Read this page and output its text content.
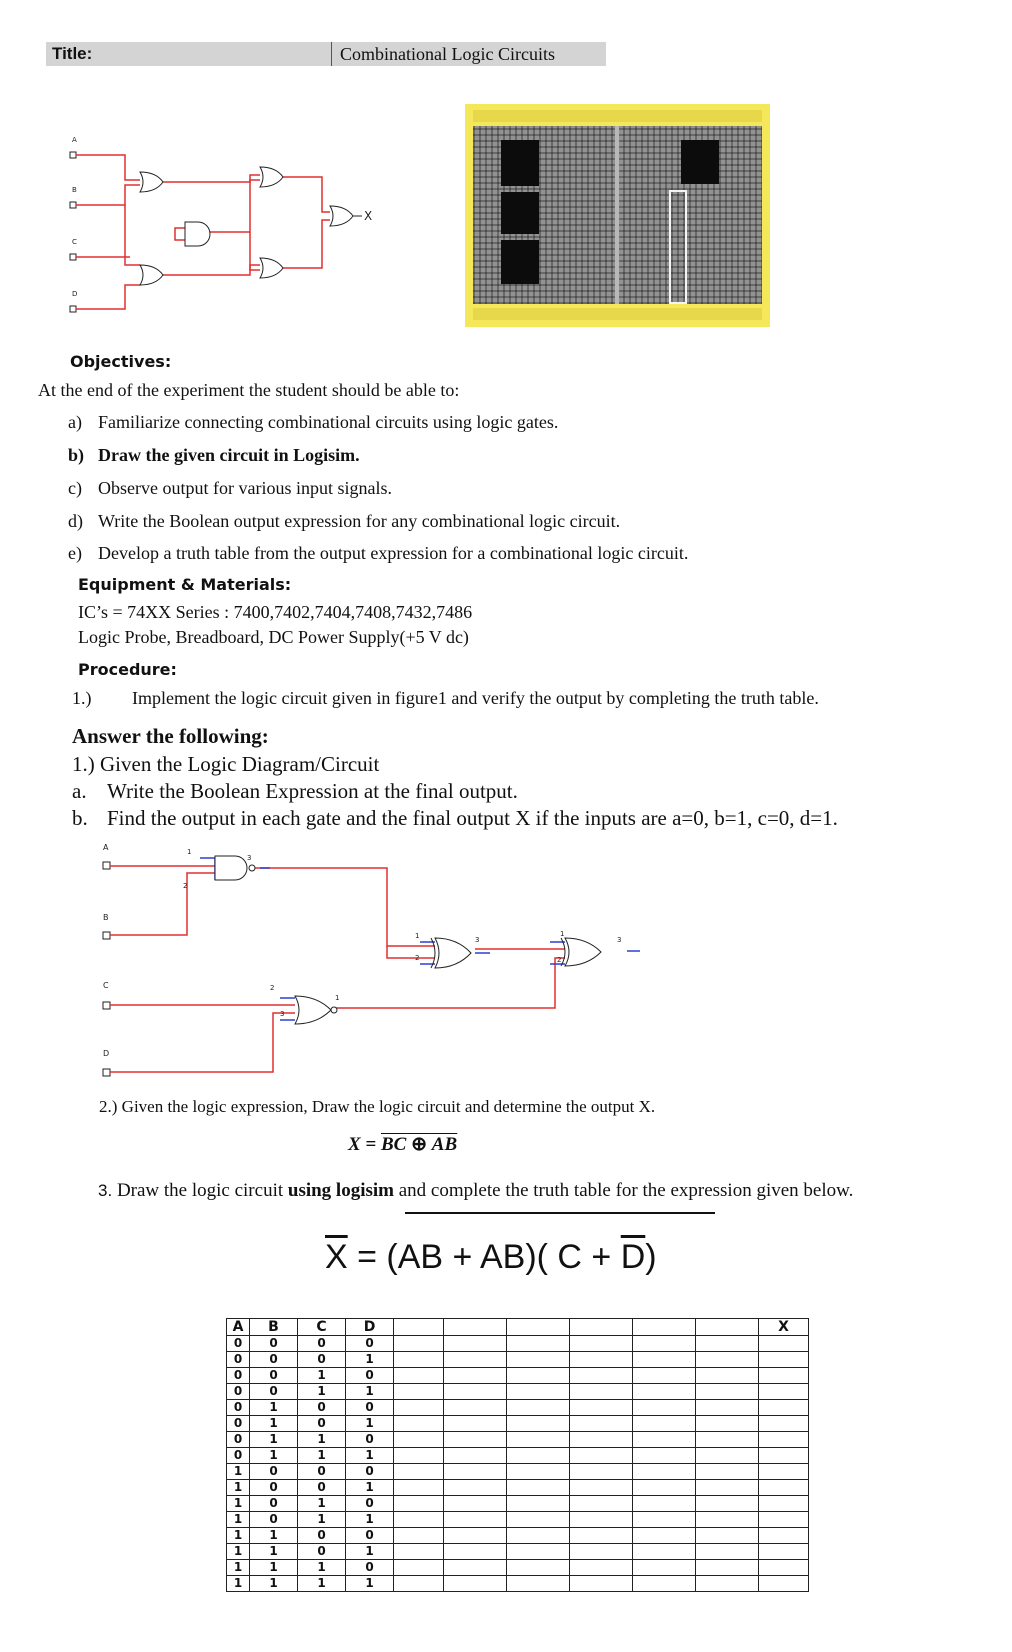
Title:	Combinational Logic Circuits
A
B
C
D
X
Objectives:
At the end of the experiment the student should be able to:
a) Familiarize connecting combinational circuits using logic gates.
b) Draw the given circuit in Logisim.
c) Observe output for various input signals.
d) Write the Boolean output expression for any combinational logic circuit.
e) Develop a truth table from the output expression for a combinational logic circuit.
Equipment & Materials:
IC’s = 74XX Series : 7400,7402,7404,7408,7432,7486
Logic Probe, Breadboard, DC Power Supply(+5 V dc)
Procedure:
1.) Implement the logic circuit given in figure1 and verify the output by completing the truth table.
Answer the following:
1.) Given the Logic Diagram/Circuit
a. Write the Boolean Expression at the final output.
b. Find the output in each gate and the final output X if the inputs are a=0, b=1, c=0, d=1.
A
B
C
D
1
2
3
1
2
3
2
3
1
1
2
3
2.) Given the logic expression, Draw the logic circuit and determine the output X.
X = BC ⊕ AB
3. Draw the logic circuit using logisim and complete the truth table for the expression given below.
$\overline{X} = (AB + AB)$( $C + \overline{D}$)
A	B	C	D							X
0	0	0	0							
0	0	0	1							
0	0	1	0							
0	0	1	1							
0	1	0	0							
0	1	0	1							
0	1	1	0							
0	1	1	1							
1	0	0	0							
1	0	0	1							
1	0	1	0							
1	0	1	1							
1	1	0	0							
1	1	0	1							
1	1	1	0							
1	1	1	1							
